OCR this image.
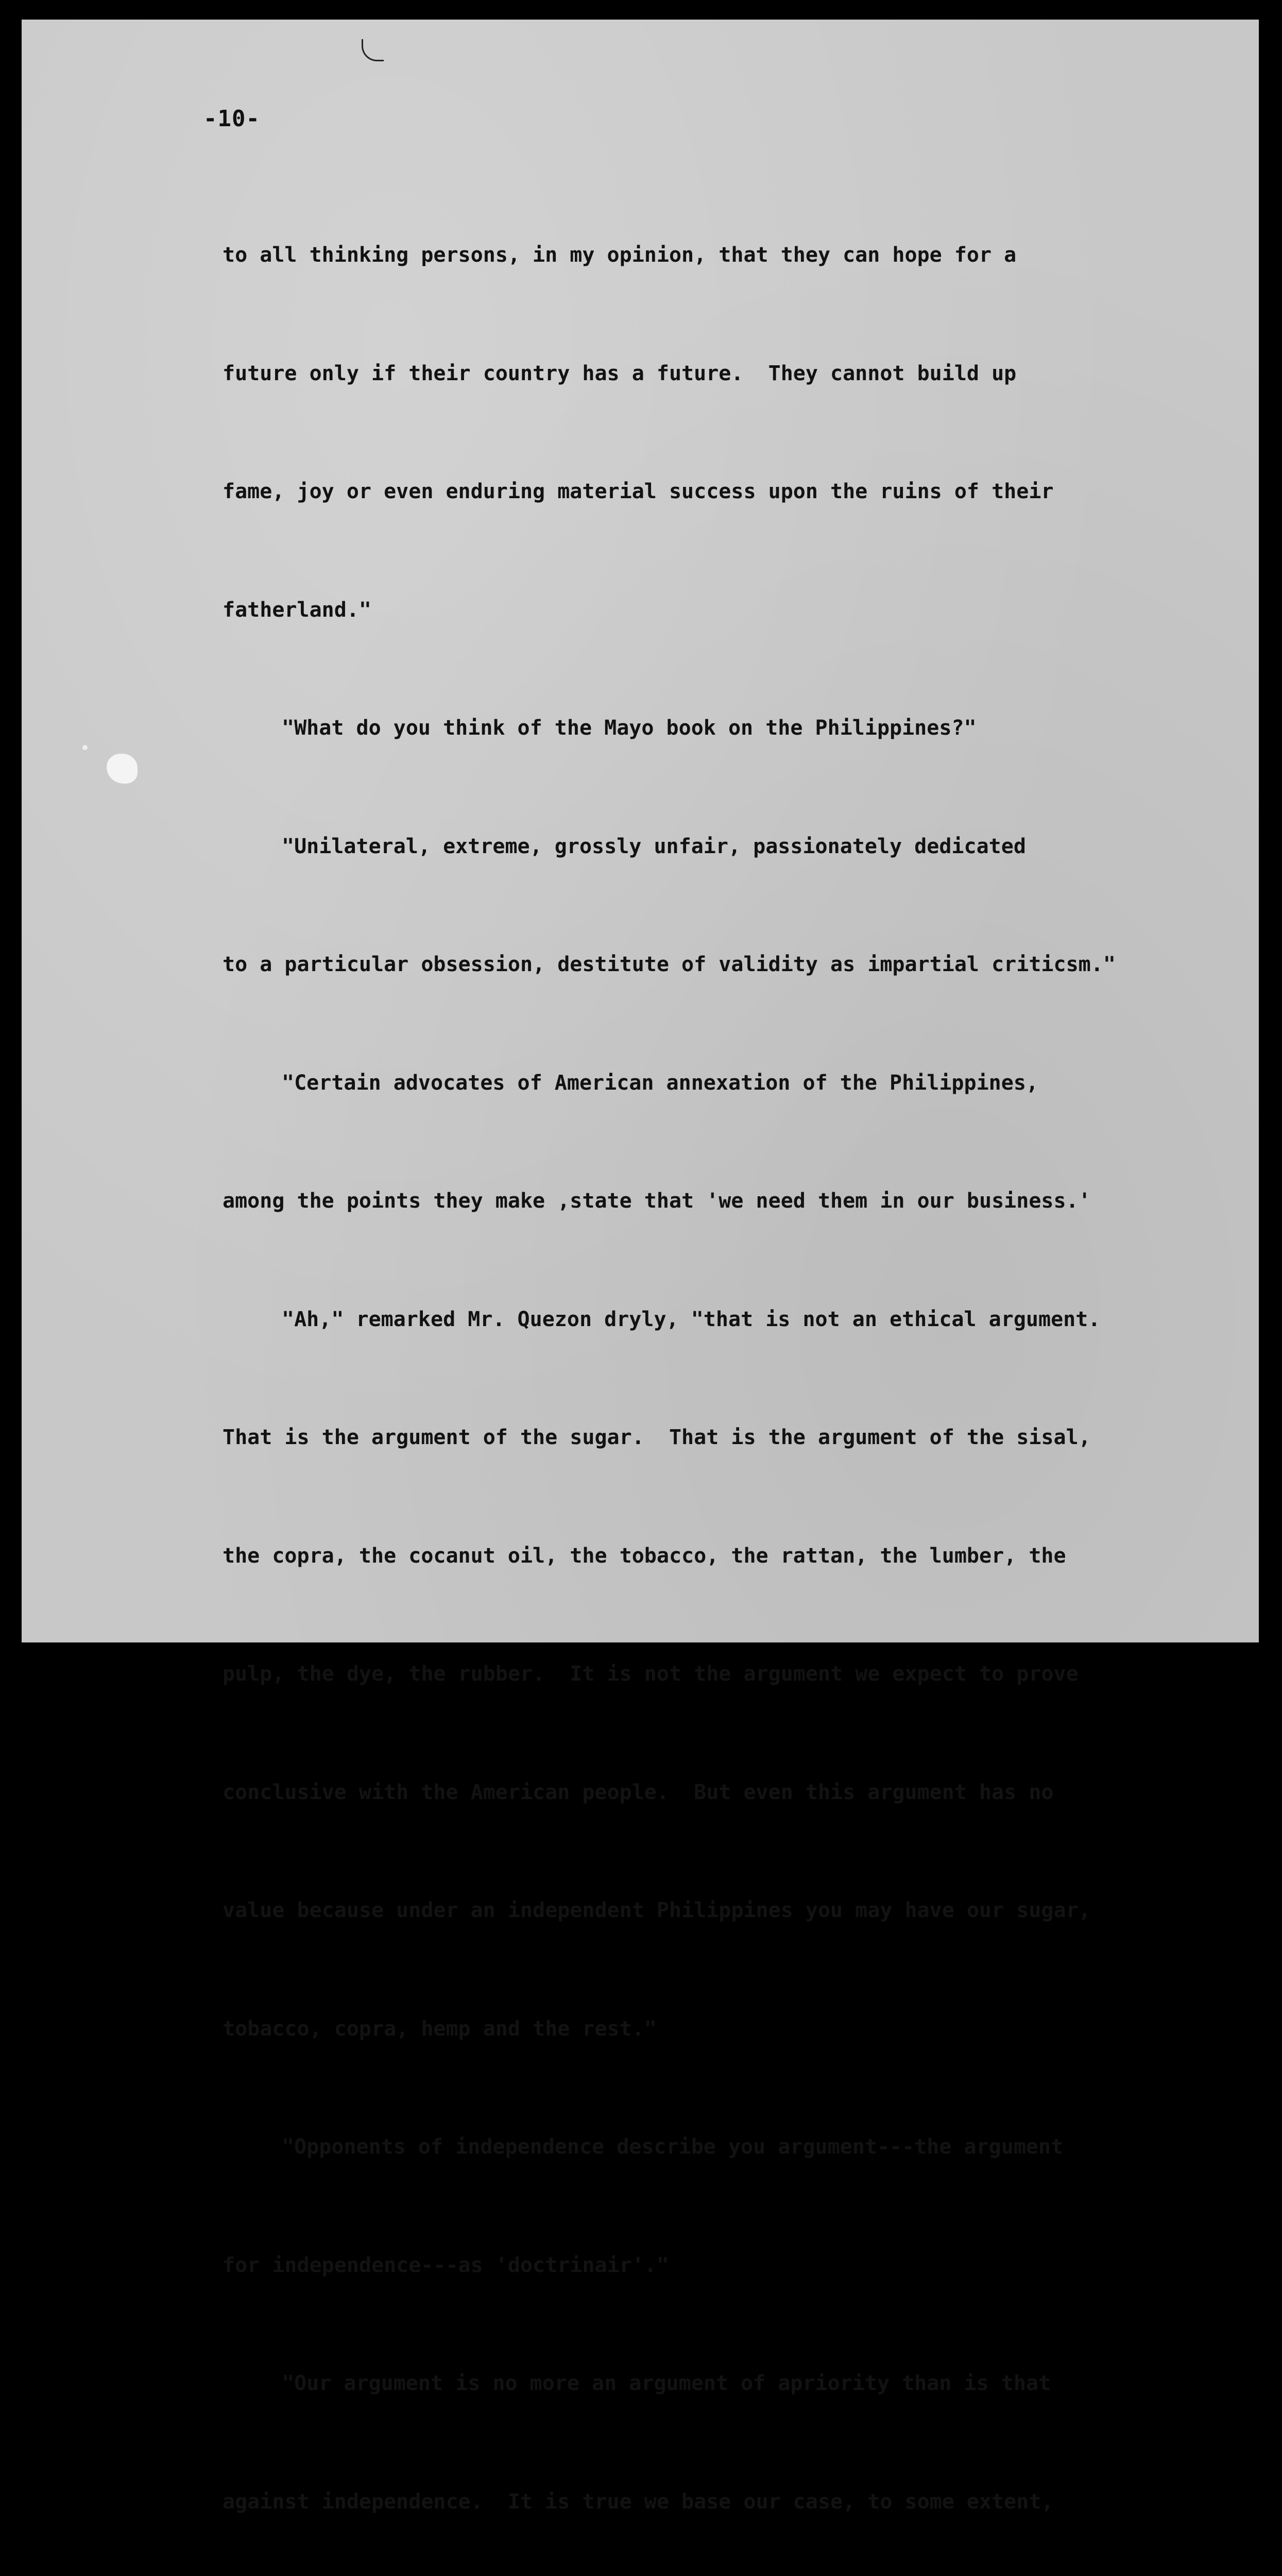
-10-

to all thinking persons, in my opinion, that they can hope for a

future only if their country has a future.  They cannot build up

fame, joy or even enduring material success upon the ruins of their

fatherland."

"What do you think of the Mayo book on the Philippines?"

"Unilateral, extreme, grossly unfair, passionately dedicated

to a particular obsession, destitute of validity as impartial criticsm."

"Certain advocates of American annexation of the Philippines,

among the points they make ,state that 'we need them in our business.'

"Ah," remarked Mr. Quezon dryly, "that is not an ethical argument.

That is the argument of the sugar.  That is the argument of the sisal,

the copra, the cocanut oil, the tobacco, the rattan, the lumber, the

pulp, the dye, the rubber.  It is not the argument we expect to prove

conclusive with the American people.  But even this argument has no

value because under an independent Philippines you may have our sugar,

tobacco, copra, hemp and the rest."

"Opponents of independence describe you argument---the argument

for independence---as 'doctrinair'."

"Our argument is no more an argument of apriority than is that

against independence.  It is true we base our case, to some extent,
